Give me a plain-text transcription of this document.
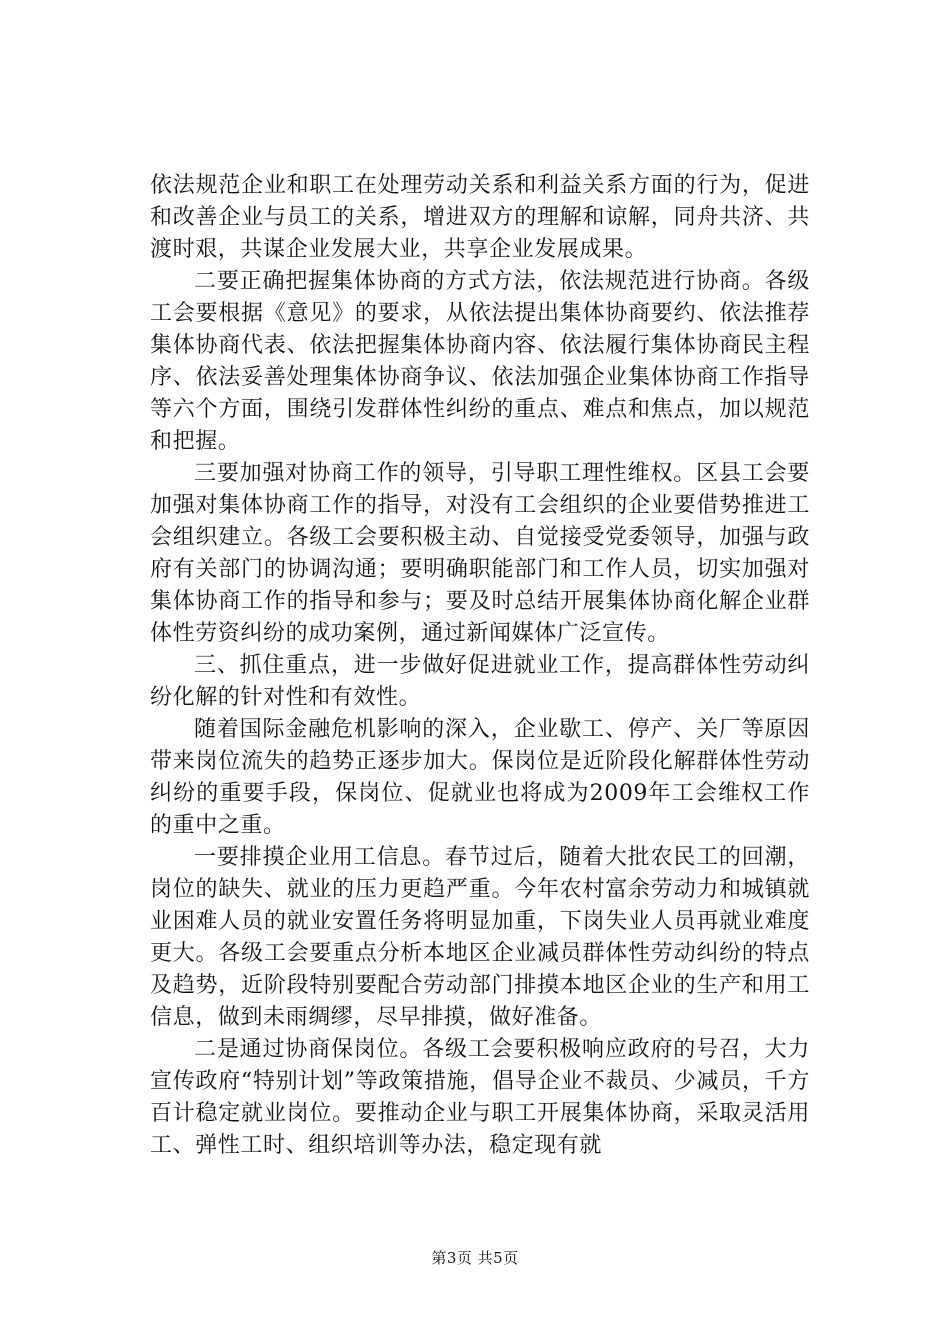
依法规范企业和职工在处理劳动关系和利益关系方面的行为，促进和改善企业与员工的关系，增进双方的理解和谅解，同舟共济、共渡时艰，共谋企业发展大业，共享企业发展成果。

二要正确把握集体协商的方式方法，依法规范进行协商。各级工会要根据《意见》的要求，从依法提出集体协商要约、依法推荐集体协商代表、依法把握集体协商内容、依法履行集体协商民主程序、依法妥善处理集体协商争议、依法加强企业集体协商工作指导等六个方面，围绕引发群体性纠纷的重点、难点和焦点，加以规范和把握。

三要加强对协商工作的领导，引导职工理性维权。区县工会要加强对集体协商工作的指导，对没有工会组织的企业要借势推进工会组织建立。各级工会要积极主动、自觉接受党委领导，加强与政府有关部门的协调沟通；要明确职能部门和工作人员，切实加强对集体协商工作的指导和参与；要及时总结开展集体协商化解企业群体性劳资纠纷的成功案例，通过新闻媒体广泛宣传。

三、抓住重点，进一步做好促进就业工作，提高群体性劳动纠纷化解的针对性和有效性。

随着国际金融危机影响的深入，企业歇工、停产、关厂等原因带来岗位流失的趋势正逐步加大。保岗位是近阶段化解群体性劳动纠纷的重要手段，保岗位、促就业也将成为2009年工会维权工作的重中之重。

一要排摸企业用工信息。春节过后，随着大批农民工的回潮，岗位的缺失、就业的压力更趋严重。今年农村富余劳动力和城镇就业困难人员的就业安置任务将明显加重，下岗失业人员再就业难度更大。各级工会要重点分析本地区企业减员群体性劳动纠纷的特点及趋势，近阶段特别要配合劳动部门排摸本地区企业的生产和用工信息，做到未雨绸缪，尽早排摸，做好准备。

二是通过协商保岗位。各级工会要积极响应政府的号召，大力宣传政府“特别计划”等政策措施，倡导企业不裁员、少减员，千方百计稳定就业岗位。要推动企业与职工开展集体协商，采取灵活用工、弹性工时、组织培训等办法，稳定现有就

第3页 共5页
